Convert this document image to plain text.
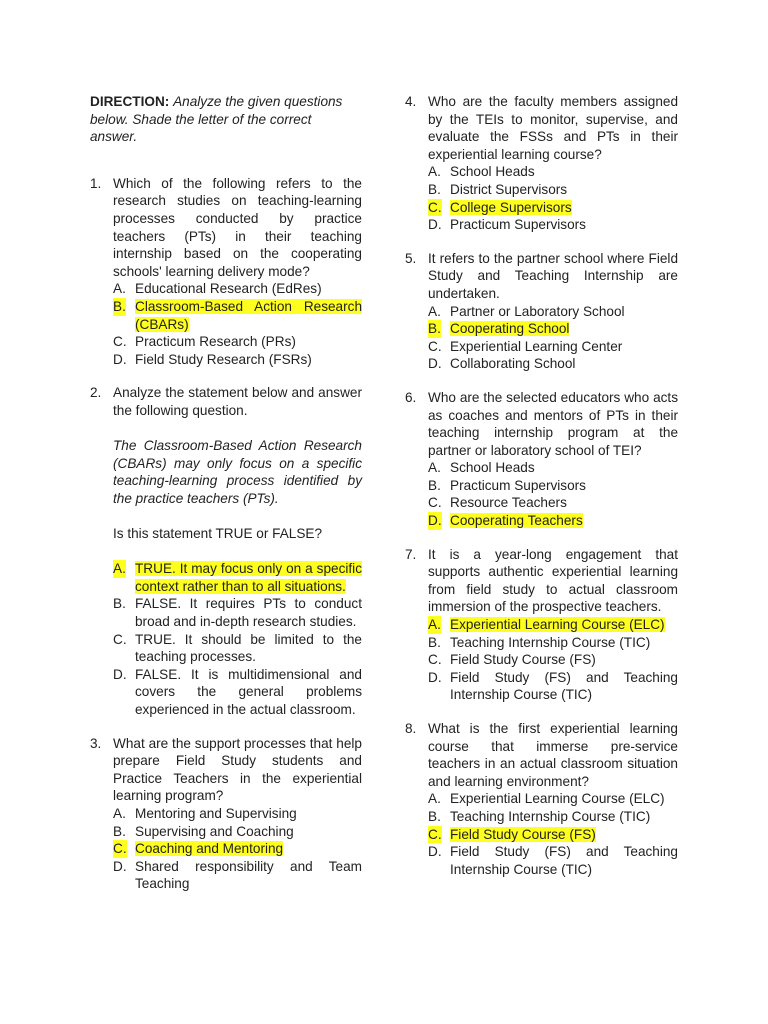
DIRECTION: Analyze the given questions below. Shade the letter of the correct answer.

1. Which of the following refers to the research studies on teaching-learning processes conducted by practice teachers (PTs) in their teaching internship based on the cooperating schools' learning delivery mode?
A. Educational Research (EdRes)
B. Classroom-Based Action Research (CBARs)
C. Practicum Research (PRs)
D. Field Study Research (FSRs)
2. Analyze the statement below and answer the following question.

The Classroom-Based Action Research (CBARs) may only focus on a specific teaching-learning process identified by the practice teachers (PTs).

Is this statement TRUE or FALSE?

A. TRUE. It may focus only on a specific context rather than to all situations.
B. FALSE. It requires PTs to conduct broad and in-depth research studies.
C. TRUE. It should be limited to the teaching processes.
D. FALSE. It is multidimensional and covers the general problems experienced in the actual classroom.
3. What are the support processes that help prepare Field Study students and Practice Teachers in the experiential learning program?
A. Mentoring and Supervising
B. Supervising and Coaching
C. Coaching and Mentoring
D. Shared responsibility and Team Teaching
4. Who are the faculty members assigned by the TEIs to monitor, supervise, and evaluate the FSSs and PTs in their experiential learning course?
A. School Heads
B. District Supervisors
C. College Supervisors
D. Practicum Supervisors
5. It refers to the partner school where Field Study and Teaching Internship are undertaken.
A. Partner or Laboratory School
B. Cooperating School
C. Experiential Learning Center
D. Collaborating School
6. Who are the selected educators who acts as coaches and mentors of PTs in their teaching internship program at the partner or laboratory school of TEI?
A. School Heads
B. Practicum Supervisors
C. Resource Teachers
D. Cooperating Teachers
7. It is a year-long engagement that supports authentic experiential learning from field study to actual classroom immersion of the prospective teachers.
A. Experiential Learning Course (ELC)
B. Teaching Internship Course (TIC)
C. Field Study Course (FS)
D. Field Study (FS) and Teaching Internship Course (TIC)
8. What is the first experiential learning course that immerse pre-service teachers in an actual classroom situation and learning environment?
A. Experiential Learning Course (ELC)
B. Teaching Internship Course (TIC)
C. Field Study Course (FS)
D. Field Study (FS) and Teaching Internship Course (TIC)
